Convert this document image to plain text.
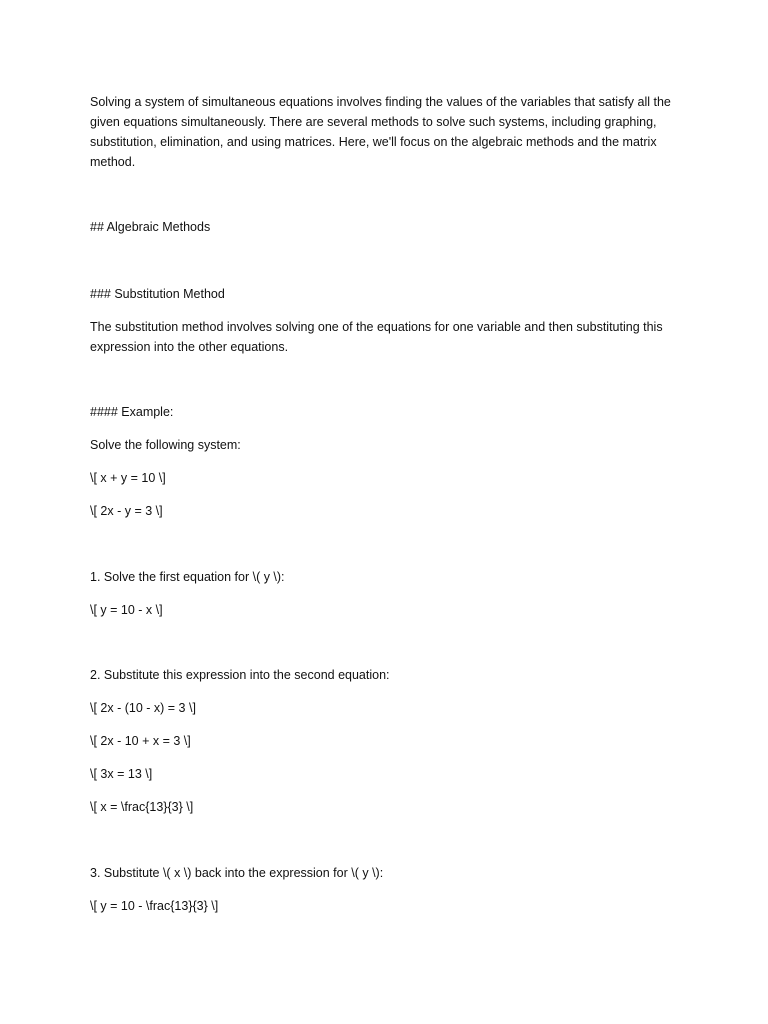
Solving a system of simultaneous equations involves finding the values of the variables that satisfy all the

given equations simultaneously. There are several methods to solve such systems, including graphing,

substitution, elimination, and using matrices. Here, we'll focus on the algebraic methods and the matrix

method.

## Algebraic Methods

### Substitution Method

The substitution method involves solving one of the equations for one variable and then substituting this

expression into the other equations.

#### Example:

Solve the following system:

\[ x + y = 10 \]

\[ 2x - y = 3 \]

1. Solve the first equation for \( y \):

\[ y = 10 - x \]

2. Substitute this expression into the second equation:

\[ 2x - (10 - x) = 3 \]

\[ 2x - 10 + x = 3 \]

\[ 3x = 13 \]

\[ x = \frac{13}{3} \]

3. Substitute \( x \) back into the expression for \( y \):

\[ y = 10 - \frac{13}{3} \]
